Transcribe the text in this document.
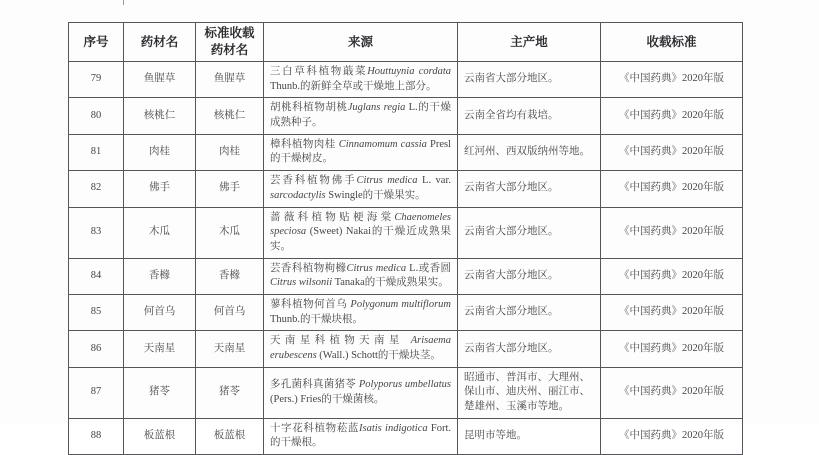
序号	药材名	标准收载药材名	来源	主产地	收载标准
79	鱼腥草	鱼腥草	三白草科植物蕺菜Houttuynia cordata Thunb.的新鲜全草或干燥地上部分。	云南省大部分地区。	《中国药典》2020年版
80	核桃仁	核桃仁	胡桃科植物胡桃Juglans regia L.的干燥成熟种子。	云南全省均有栽培。	《中国药典》2020年版
81	肉桂	肉桂	樟科植物肉桂 Cinnamomum cassia Presl的干燥树皮。	红河州、西双版纳州等地。	《中国药典》2020年版
82	佛手	佛手	芸香科植物佛手Citrus medica L. var. sarcodactylis Swingle的干燥果实。	云南省大部分地区。	《中国药典》2020年版
83	木瓜	木瓜	蔷薇科植物贴梗海棠Chaenomeles speciosa (Sweet) Nakai的干燥近成熟果实。	云南省大部分地区。	《中国药典》2020年版
84	香橼	香橼	芸香科植物枸橼Citrus medica L.或香圆Citrus wilsonii Tanaka的干燥成熟果实。	云南省大部分地区。	《中国药典》2020年版
85	何首乌	何首乌	蓼科植物何首乌 Polygonum multiflorum Thunb.的干燥块根。	云南省大部分地区。	《中国药典》2020年版
86	天南星	天南星	天南星科植物天南星 Arisaema erubescens (Wall.) Schott的干燥块茎。	云南省大部分地区。	《中国药典》2020年版
87	猪苓	猪苓	多孔菌科真菌猪苓 Polyporus umbellatus (Pers.) Fries的干燥菌核。	昭通市、普洱市、大理州、保山市、迪庆州、丽江市、楚雄州、玉溪市等地。	《中国药典》2020年版
88	板蓝根	板蓝根	十字花科植物菘蓝Isatis indigotica Fort.的干燥根。	昆明市等地。	《中国药典》2020年版
